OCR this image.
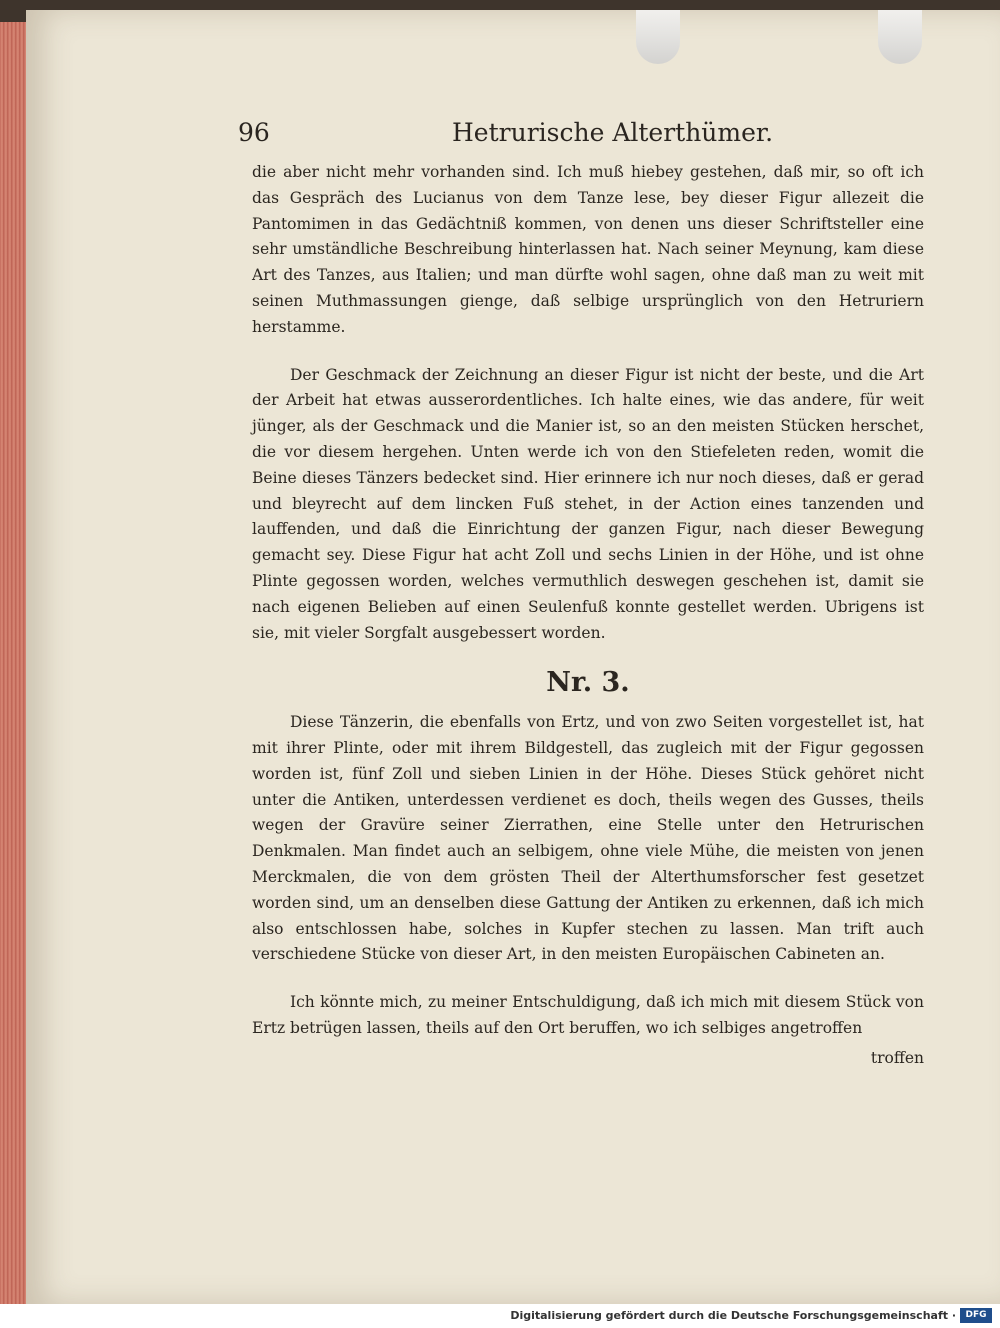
96	Hetrurische Alterthümer.

die aber nicht mehr vorhanden sind. Ich muß hiebey gestehen, daß mir, so oft ich das Gespräch des Lucianus von dem Tanze lese, bey dieser Figur allezeit die Pantomimen in das Gedächtniß kommen, von denen uns dieser Schriftsteller eine sehr umständliche Beschreibung hinterlassen hat. Nach seiner Meynung, kam diese Art des Tanzes, aus Italien; und man dürfte wohl sagen, ohne daß man zu weit mit seinen Muthmassungen gienge, daß selbige ursprünglich von den Hetruriern herstamme.

Der Geschmack der Zeichnung an dieser Figur ist nicht der beste, und die Art der Arbeit hat etwas ausserordentliches. Ich halte eines, wie das andere, für weit jünger, als der Geschmack und die Manier ist, so an den meisten Stücken herschet, die vor diesem hergehen. Unten werde ich von den Stiefeleten reden, womit die Beine dieses Tänzers bedecket sind. Hier erinnere ich nur noch dieses, daß er gerad und bleyrecht auf dem lincken Fuß stehet, in der Action eines tanzenden und lauffenden, und daß die Einrichtung der ganzen Figur, nach dieser Bewegung gemacht sey. Diese Figur hat acht Zoll und sechs Linien in der Höhe, und ist ohne Plinte gegossen worden, welches vermuthlich deswegen geschehen ist, damit sie nach eigenen Belieben auf einen Seulenfuß konnte gestellet werden. Ubrigens ist sie, mit vieler Sorgfalt ausgebessert worden.

Nr. 3.

Diese Tänzerin, die ebenfalls von Ertz, und von zwo Seiten vorgestellet ist, hat mit ihrer Plinte, oder mit ihrem Bildgestell, das zugleich mit der Figur gegossen worden ist, fünf Zoll und sieben Linien in der Höhe. Dieses Stück gehöret nicht unter die Antiken, unterdessen verdienet es doch, theils wegen des Gusses, theils wegen der Gravüre seiner Zierrathen, eine Stelle unter den Hetrurischen Denkmalen. Man findet auch an selbigem, ohne viele Mühe, die meisten von jenen Merckmalen, die von dem grösten Theil der Alterthumsforscher fest gesetzet worden sind, um an denselben diese Gattung der Antiken zu erkennen, daß ich mich also entschlossen habe, solches in Kupfer stechen zu lassen. Man trift auch verschiedene Stücke von dieser Art, in den meisten Europäischen Cabineten an.

Ich könnte mich, zu meiner Entschuldigung, daß ich mich mit diesem Stück von Ertz betrügen lassen, theils auf den Ort beruffen, wo ich selbiges angetroffen

troffen
Digitalisierung gefördert durch die Deutsche Forschungsgemeinschaft ·	DFG
